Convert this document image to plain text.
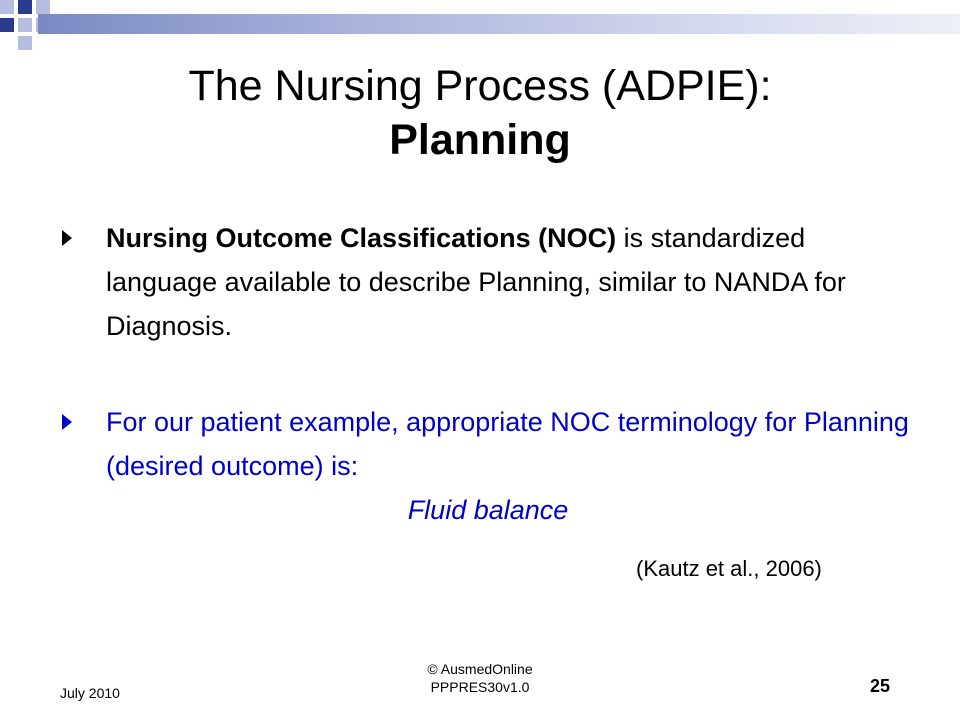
The Nursing Process (ADPIE):
Planning
Nursing Outcome Classifications (NOC) is standardized language available to describe Planning, similar to NANDA for Diagnosis.
For our patient example, appropriate NOC terminology for Planning (desired outcome) is:
Fluid balance
(Kautz et al., 2006)
July 2010
© AusmedOnline
PPPRES30v1.0	25
